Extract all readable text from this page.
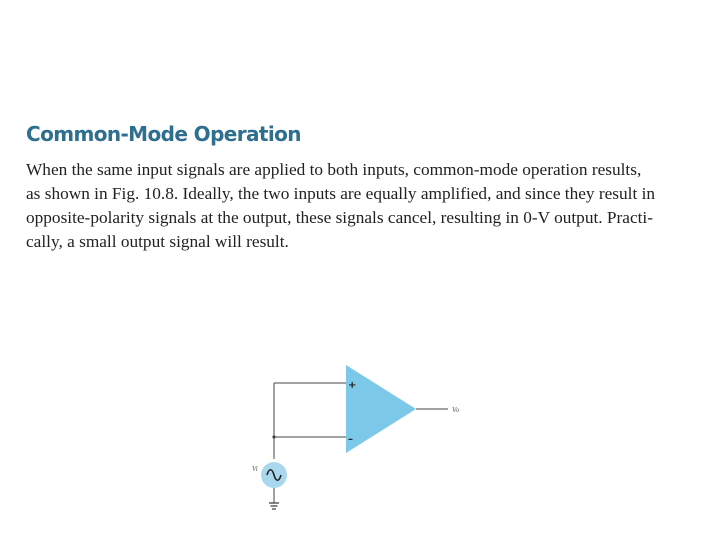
Common-Mode Operation
When the same input signals are applied to both inputs, common-mode operation results,
as shown in Fig. 10.8. Ideally, the two inputs are equally amplified, and since they result in
opposite-polarity signals at the output, these signals cancel, resulting in 0-V output. Practi-
cally, a small output signal will result.
+
–
Vo
Vi
